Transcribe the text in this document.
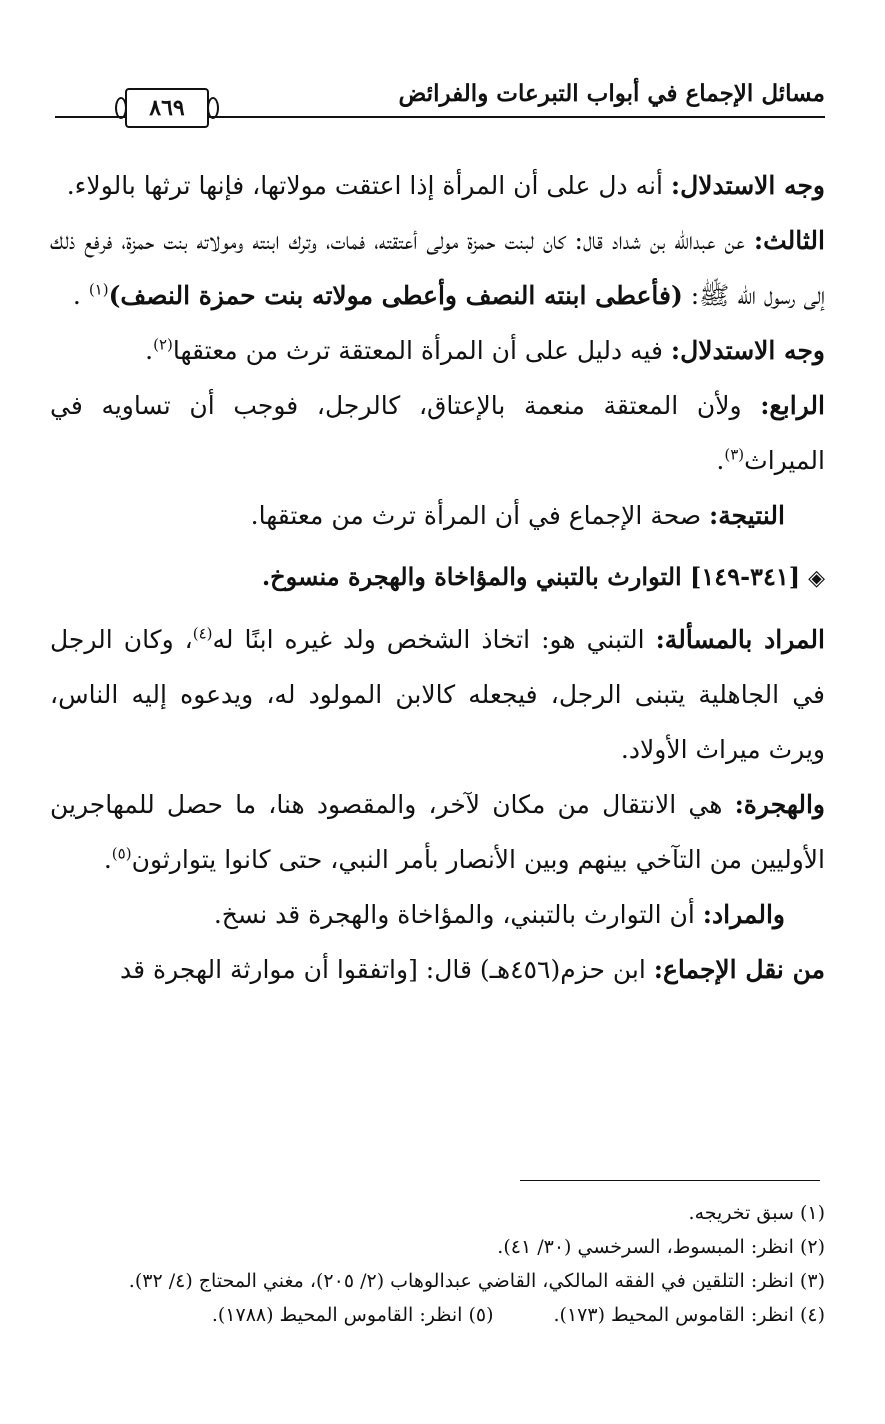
مسائل الإجماع في أبواب التبرعات والفرائض
٨٦٩

وجه الاستدلال: أنه دل على أن المرأة إذا اعتقت مولاتها، فإنها ترثها بالولاء.

الثالث: عن عبدالله بن شداد قال: كان لبنت حمزة مولى أعتقته، فمات، وترك ابنته ومولاته بنت حمزة، فرفع ذلك إلى رسول الله ﷺ: (فأعطى ابنته النصف وأعطى مولاته بنت حمزة النصف)$^{(١)}$ .

وجه الاستدلال: فيه دليل على أن المرأة المعتقة ترث من معتقها$^{(٢)}$.

الرابع: ولأن المعتقة منعمة بالإعتاق، كالرجل، فوجب أن تساويه في الميراث$^{(٣)}$.

النتيجة: صحة الإجماع في أن المرأة ترث من معتقها.

◈[٣٤١-١٤٩] التوارث بالتبني والمؤاخاة والهجرة منسوخ.

المراد بالمسألة: التبني هو: اتخاذ الشخص ولد غيره ابنًا له$^{(٤)}$، وكان الرجل في الجاهلية يتبنى الرجل، فيجعله كالابن المولود له، ويدعوه إليه الناس، ويرث ميراث الأولاد.

والهجرة: هي الانتقال من مكان لآخر، والمقصود هنا، ما حصل للمهاجرين الأوليين من التآخي بينهم وبين الأنصار بأمر النبي، حتى كانوا يتوارثون$^{(٥)}$.

والمراد: أن التوارث بالتبني، والمؤاخاة والهجرة قد نسخ.

من نقل الإجماع: ابن حزم(٤٥٦هـ) قال: [واتفقوا أن موارثة الهجرة قد

(١) سبق تخريجه.
(٢) انظر: المبسوط، السرخسي (٣٠/ ٤١).
(٣) انظر: التلقين في الفقه المالكي، القاضي عبدالوهاب (٢/ ٢٠٥)، مغني المحتاج (٤/ ٣٢).
(٤) انظر: القاموس المحيط (١٧٣).
(٥) انظر: القاموس المحيط (١٧٨٨).
